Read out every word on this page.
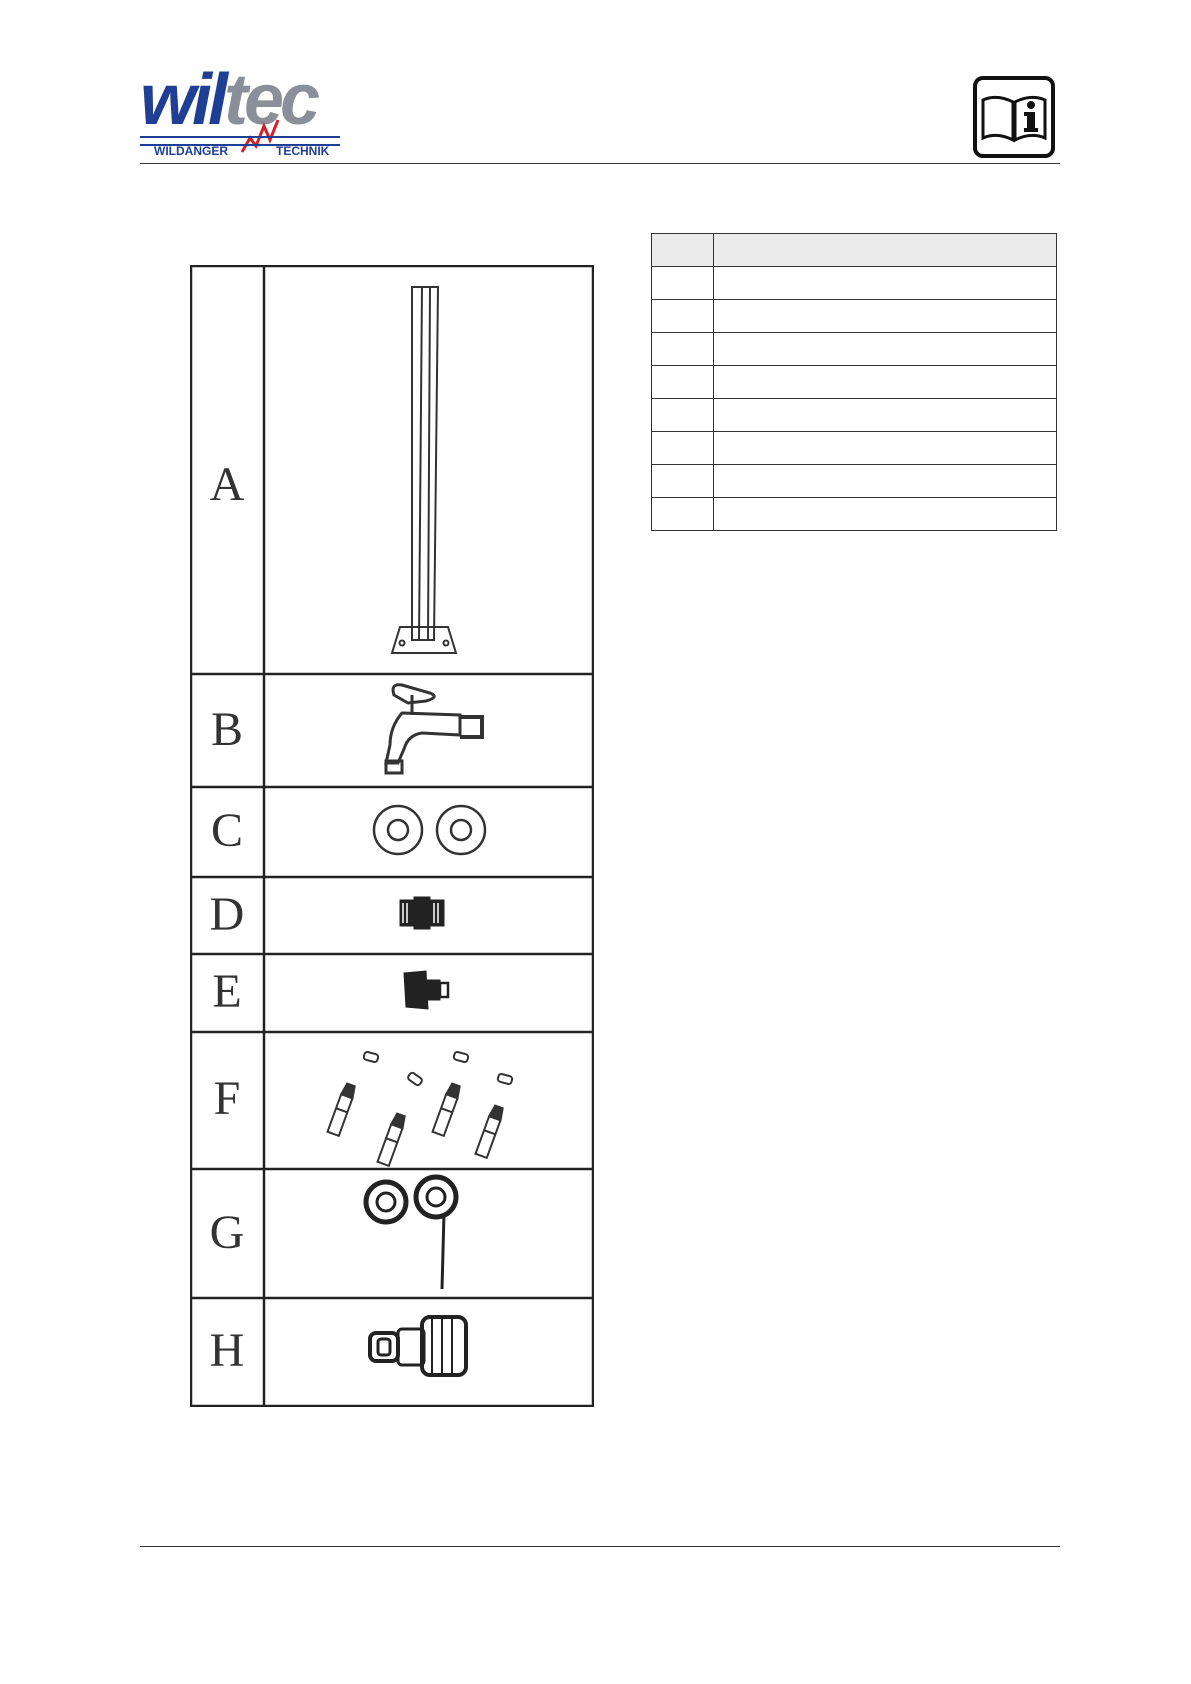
wiltec
WILDANGER	TECHNIK
A
B
C
D
E
F
G
H
